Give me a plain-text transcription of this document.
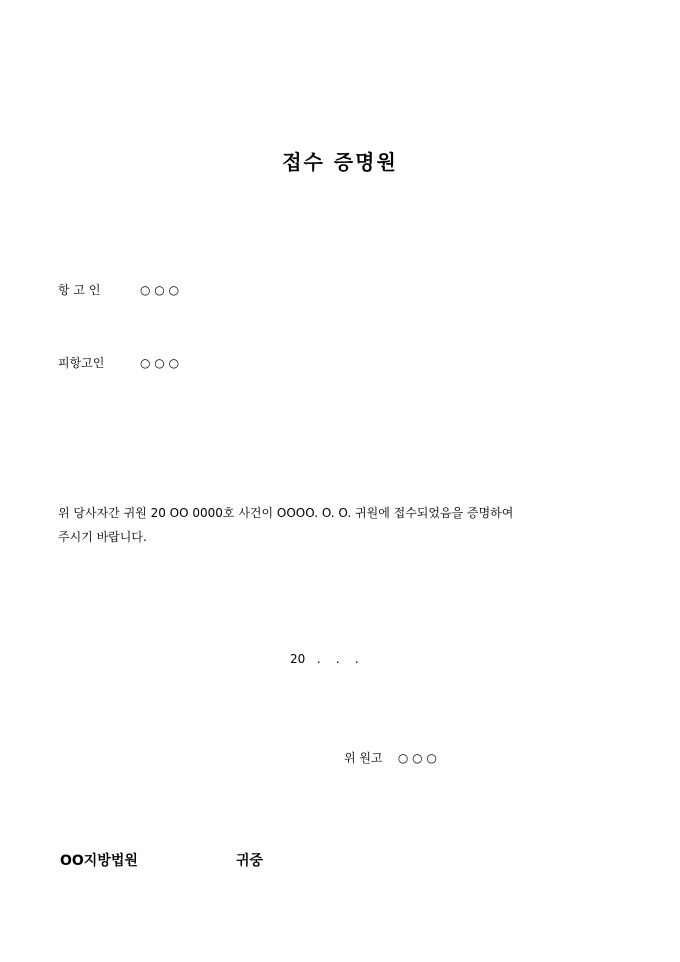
접수 증명원
항 고 인	○ ○ ○
피항고인	○ ○ ○
위 당사자간 귀원 20 OO 0000호 사건이 OOOO. O. O. 귀원에 접수되었음을 증명하여
주시기 바랍니다.
20   .    .    .
위 원고 ○ ○ ○
OO지방법원	귀중
